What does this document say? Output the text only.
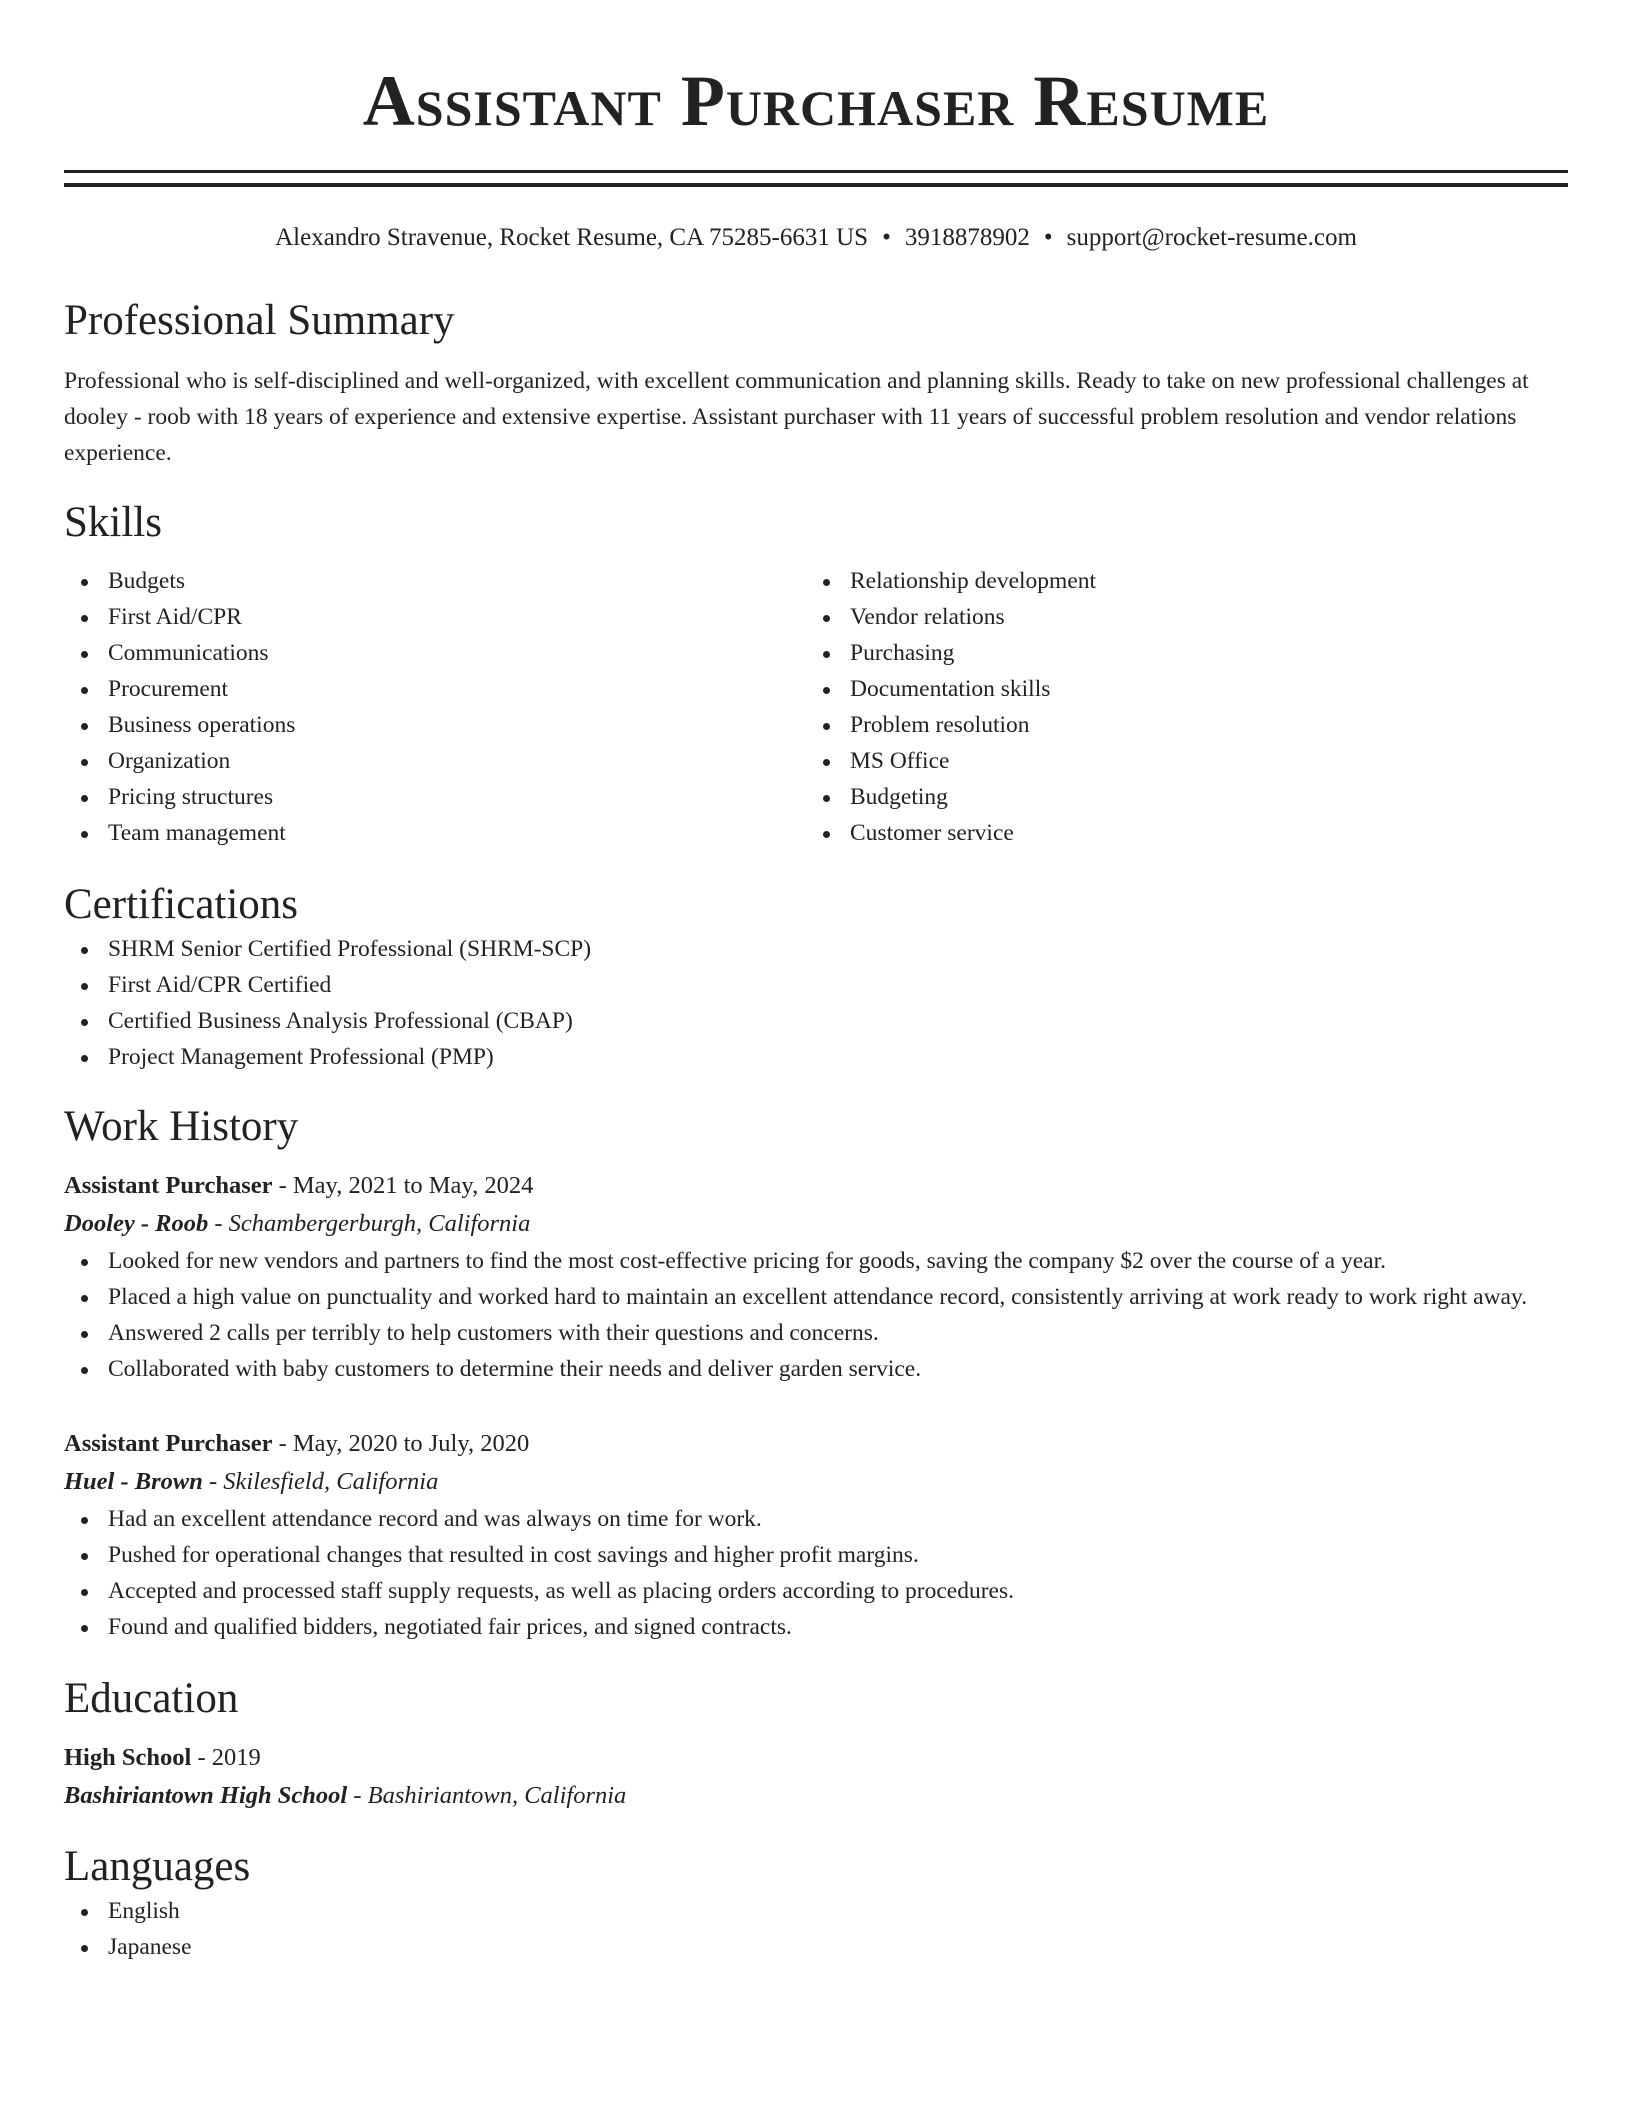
Assistant Purchaser Resume
Alexandro Stravenue, Rocket Resume, CA 75285-6631 US • 3918878902 • support@rocket-resume.com
Professional Summary
Professional who is self-disciplined and well-organized, with excellent communication and planning skills. Ready to take on new professional challenges at dooley - roob with 18 years of experience and extensive expertise. Assistant purchaser with 11 years of successful problem resolution and vendor relations experience.
Skills
Budgets
First Aid/CPR
Communications
Procurement
Business operations
Organization
Pricing structures
Team management
Relationship development
Vendor relations
Purchasing
Documentation skills
Problem resolution
MS Office
Budgeting
Customer service
Certifications
SHRM Senior Certified Professional (SHRM-SCP)
First Aid/CPR Certified
Certified Business Analysis Professional (CBAP)
Project Management Professional (PMP)
Work History
Assistant Purchaser - May, 2021 to May, 2024
Dooley - Roob - Schambergerburgh, California
Looked for new vendors and partners to find the most cost-effective pricing for goods, saving the company $2 over the course of a year.
Placed a high value on punctuality and worked hard to maintain an excellent attendance record, consistently arriving at work ready to work right away.
Answered 2 calls per terribly to help customers with their questions and concerns.
Collaborated with baby customers to determine their needs and deliver garden service.
Assistant Purchaser - May, 2020 to July, 2020
Huel - Brown - Skilesfield, California
Had an excellent attendance record and was always on time for work.
Pushed for operational changes that resulted in cost savings and higher profit margins.
Accepted and processed staff supply requests, as well as placing orders according to procedures.
Found and qualified bidders, negotiated fair prices, and signed contracts.
Education
High School - 2019
Bashiriantown High School - Bashiriantown, California
Languages
English
Japanese
